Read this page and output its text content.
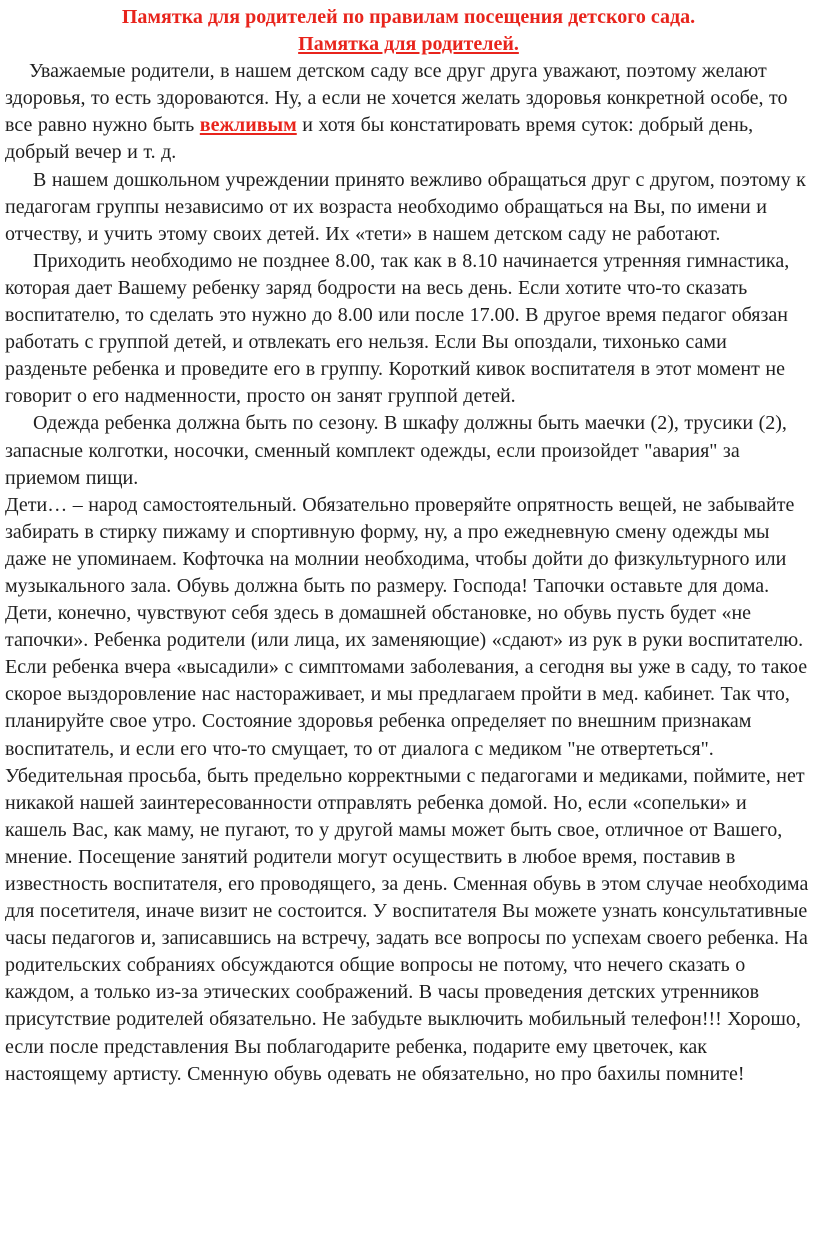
Памятка для родителей по правилам посещения детского сада.

Памятка для родителей.

Уважаемые родители, в нашем детском саду все друг друга уважают, поэтому желают здоровья, то есть здороваются. Ну, а если не хочется желать здоровья конкретной особе, то все равно нужно быть вежливым и хотя бы констатировать время суток: добрый день, добрый вечер и т. д.

В нашем дошкольном учреждении принято вежливо обращаться друг с другом, поэтому к педагогам группы независимо от их возраста необходимо обращаться на Вы, по имени и отчеству, и учить этому своих детей. Их «тети» в нашем детском саду не работают.

Приходить необходимо не позднее 8.00, так как в 8.10 начинается утренняя гимнастика, которая дает Вашему ребенку заряд бодрости на весь день. Если хотите что-то сказать воспитателю, то сделать это нужно до 8.00 или после 17.00. В другое время педагог обязан работать с группой детей, и отвлекать его нельзя. Если Вы опоздали, тихонько сами разденьте ребенка и проведите его в группу. Короткий кивок воспитателя в этот момент не говорит о его надменности, просто он занят группой детей.

Одежда ребенка должна быть по сезону. В шкафу должны быть маечки (2), трусики (2), запасные колготки, носочки, сменный комплект одежды, если произойдет "авария" за приемом пищи.

Дети… – народ самостоятельный. Обязательно проверяйте опрятность вещей, не забывайте забирать в стирку пижаму и спортивную форму, ну, а про ежедневную смену одежды мы даже не упоминаем. Кофточка на молнии необходима, чтобы дойти до физкультурного или музыкального зала. Обувь должна быть по размеру. Господа! Тапочки оставьте для дома. Дети, конечно, чувствуют себя здесь в домашней обстановке, но обувь пусть будет «не тапочки». Ребенка родители (или лица, их заменяющие) «сдают» из рук в руки воспитателю. Если ребенка вчера «высадили» с симптомами заболевания, а сегодня вы уже в саду, то такое скорое выздоровление нас настораживает, и мы предлагаем пройти в мед. кабинет. Так что, планируйте свое утро. Состояние здоровья ребенка определяет по внешним признакам воспитатель, и если его что-то смущает, то от диалога с медиком "не отвертеться". Убедительная просьба, быть предельно корректными с педагогами и медиками, поймите, нет никакой нашей заинтересованности отправлять ребенка домой. Но, если «сопельки» и кашель Вас, как маму, не пугают, то у другой мамы может быть свое, отличное от Вашего, мнение. Посещение занятий родители могут осуществить в любое время, поставив в известность воспитателя, его проводящего, за день. Сменная обувь в этом случае необходима для посетителя, иначе визит не состоится. У воспитателя Вы можете узнать консультативные часы педагогов и, записавшись на встречу, задать все вопросы по успехам своего ребенка. На родительских собраниях обсуждаются общие вопросы не потому, что нечего сказать о каждом, а только из-за этических соображений. В часы проведения детских утренников присутствие родителей обязательно. Не забудьте выключить мобильный телефон!!! Хорошо, если после представления Вы поблагодарите ребенка, подарите ему цветочек, как настоящему артисту. Сменную обувь одевать не обязательно, но про бахилы помните!
